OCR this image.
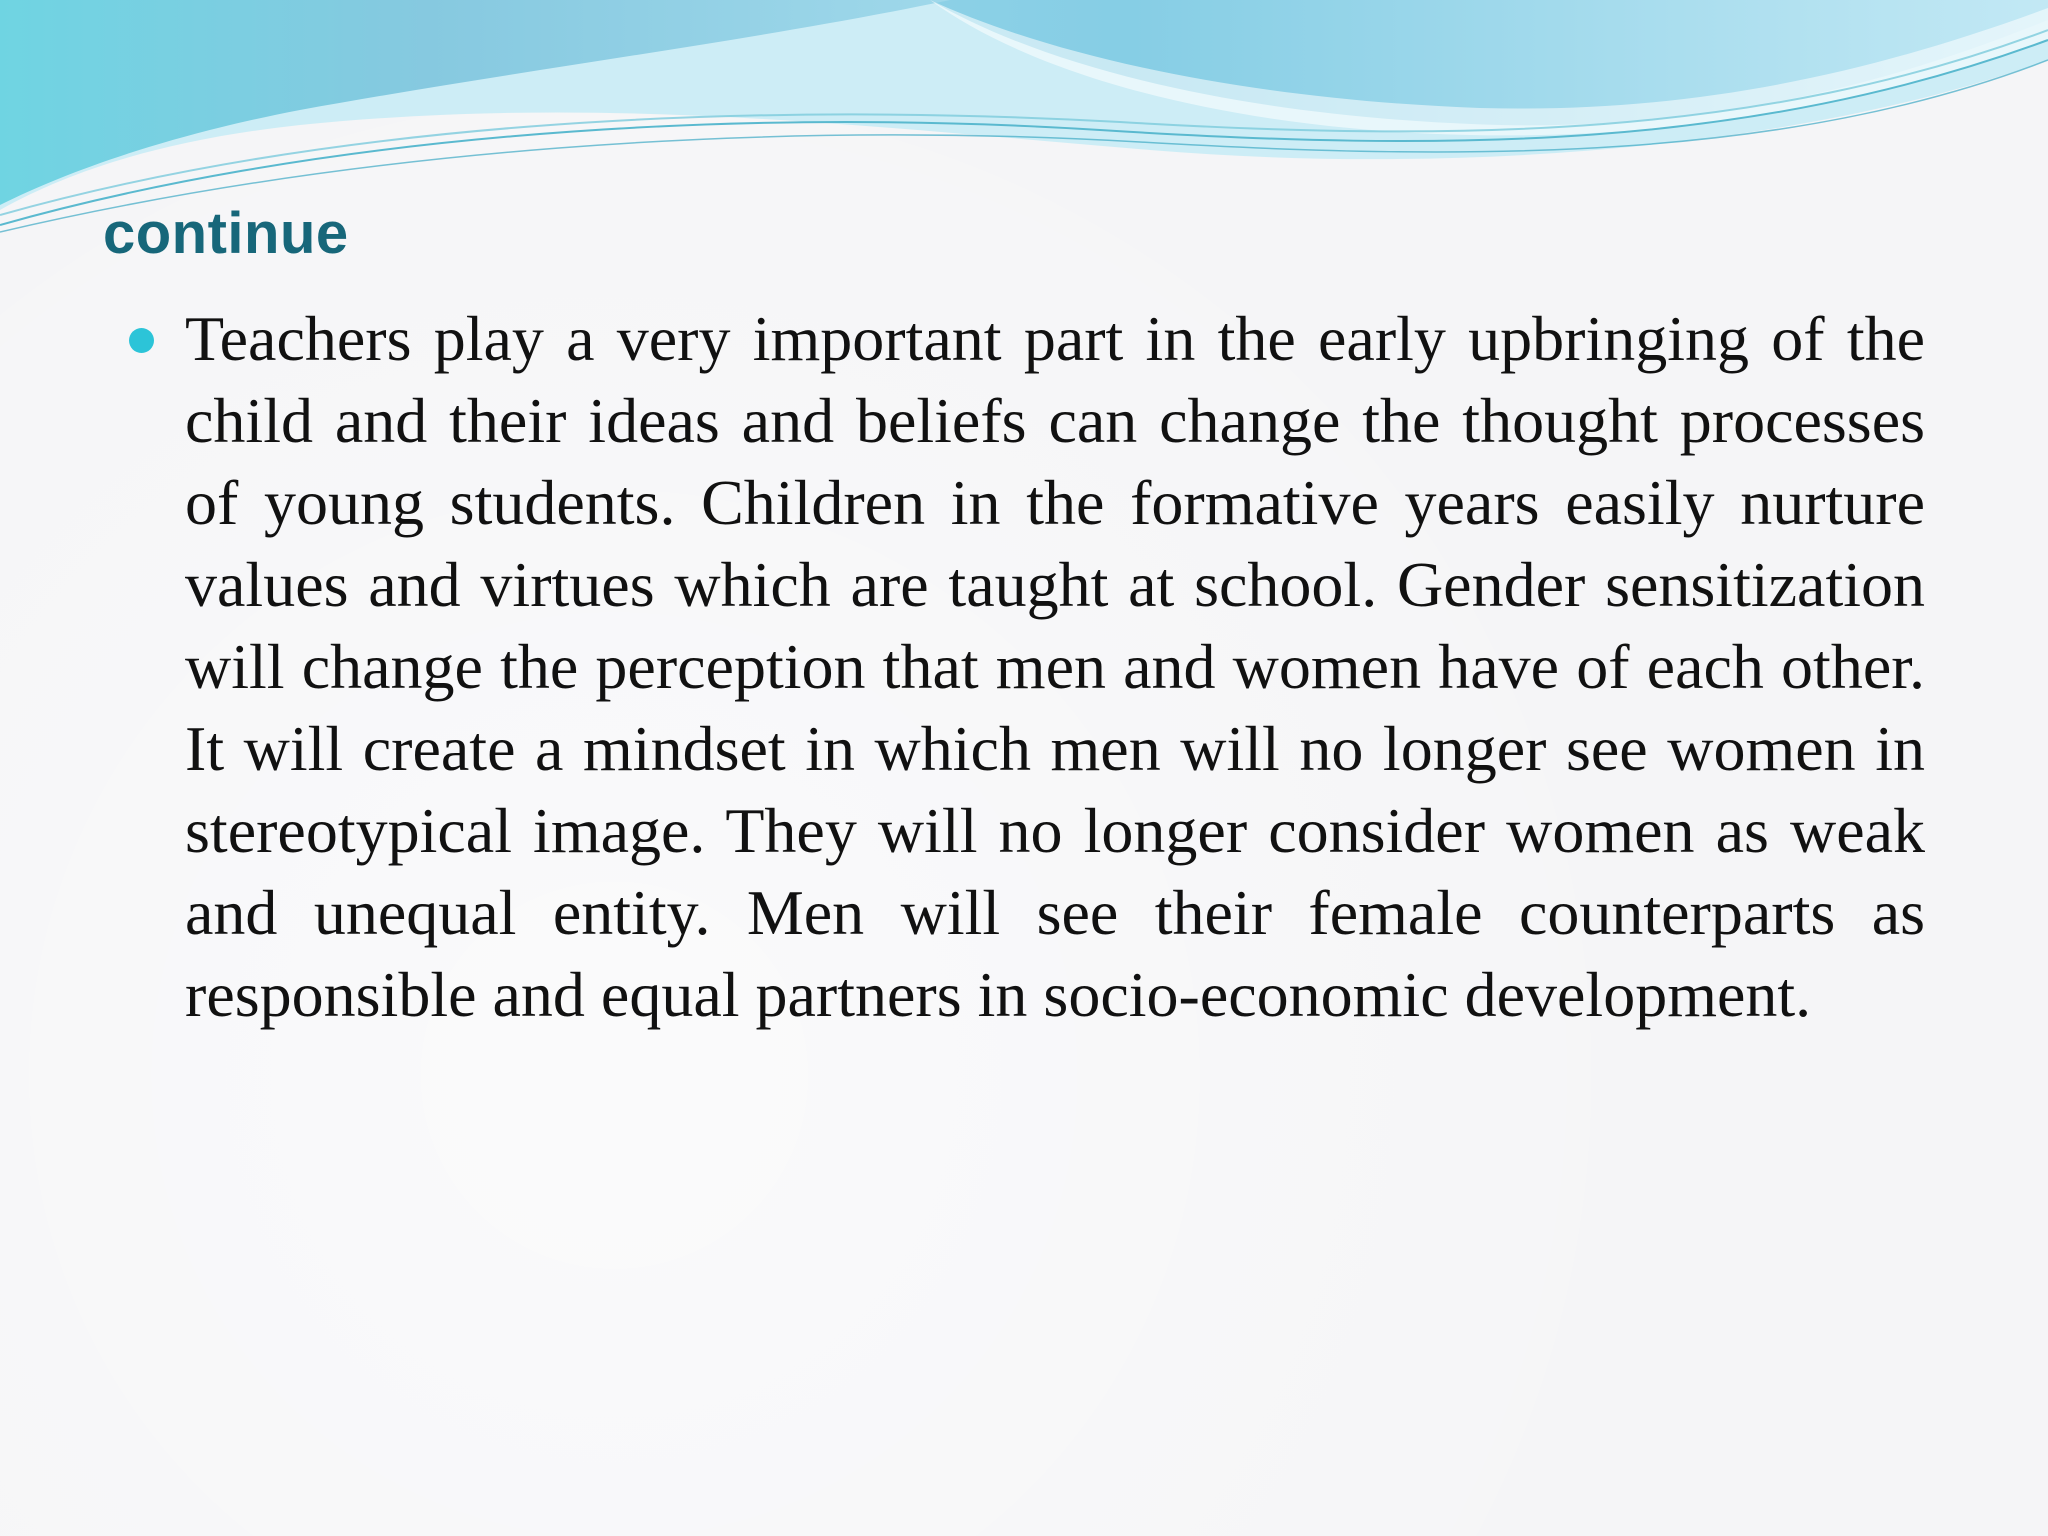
continue

Teachers play a very important part in the early upbringing of the child and their ideas and beliefs can change the thought processes of young students. Children in the formative years easily nurture values and virtues which are taught at school. Gender sensitization will change the perception that men and women have of each other. It will create a mindset in which men will no longer see women in stereotypical image. They will no longer consider women as weak and unequal entity. Men will see their female counterparts as responsible and equal partners in socio-economic development.
